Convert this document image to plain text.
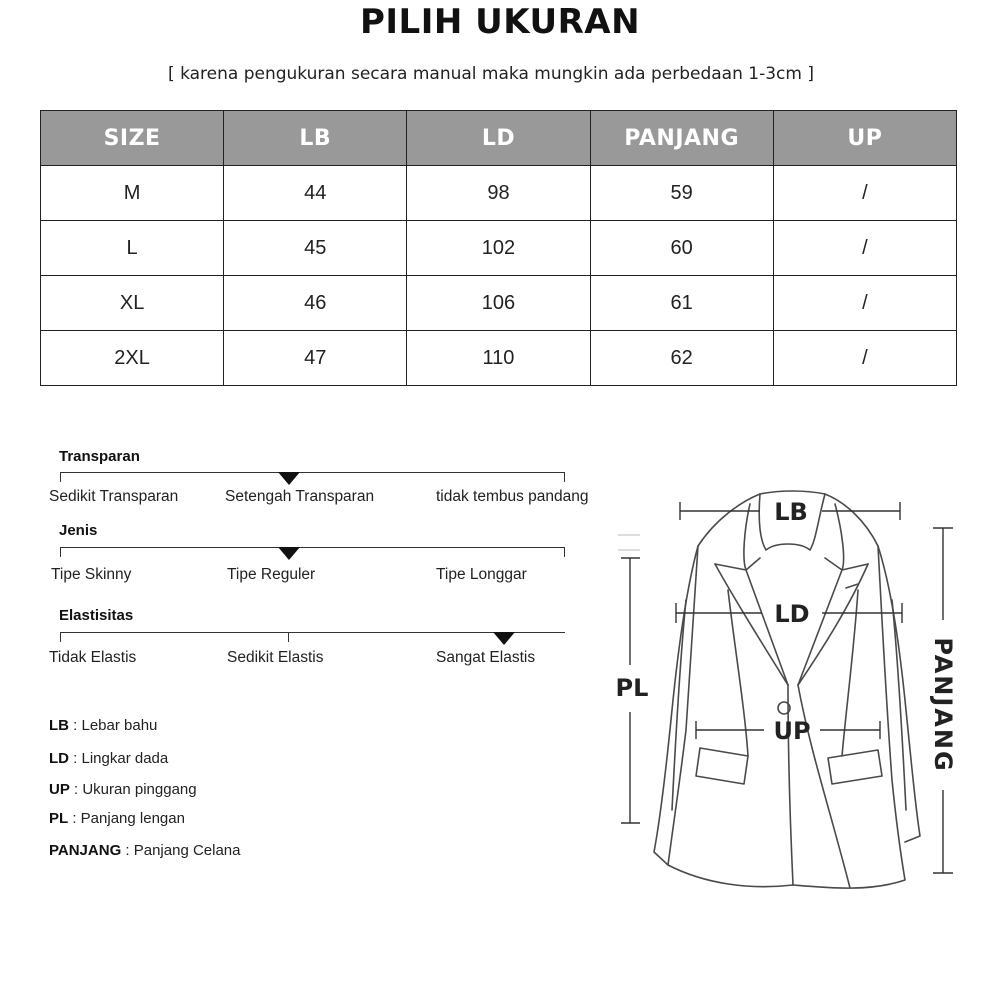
PILIH UKURAN
[ karena pengukuran secara manual maka mungkin ada perbedaan 1-3cm ]
SIZE	LB	LD	PANJANG	UP
M	44	98	59	/
L	45	102	60	/
XL	46	106	61	/
2XL	47	110	62	/
Transparan
Sedikit Transparan	Setengah Transparan	tidak tembus pandang
Jenis
Tipe Skinny	Tipe Reguler	Tipe Longgar
Elastisitas
Tidak Elastis	Sedikit Elastis	Sangat Elastis
LB : Lebar bahu
LD : Lingkar dada
UP : Ukuran pinggang
PL : Panjang lengan
PANJANG : Panjang Celana
LB
LD
UP
PL	PANJANG
